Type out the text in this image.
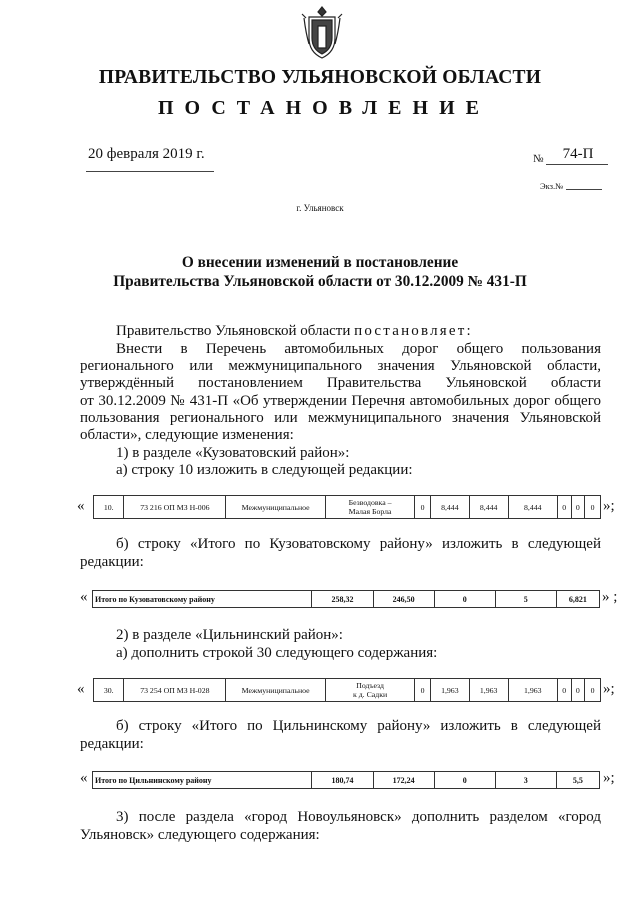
ПРАВИТЕЛЬСТВО УЛЬЯНОВСКОЙ ОБЛАСТИ
ПОСТАНОВЛЕНИЕ
20 февраля 2019 г.	№	74-П
Экз.№
г. Ульяновск
О внесении изменений в постановление
Правительства Ульяновской области от 30.12.2009 № 431-П
Правительство Ульяновской области постановляет:
Внести в Перечень автомобильных дорог общего пользования
регионального или межмуниципального значения Ульяновской области,
утверждённый постановлением Правительства Ульяновской области
от 30.12.2009 № 431-П «Об утверждении Перечня автомобильных дорог общего
пользования регионального или межмуниципального значения Ульяновской
области», следующие изменения:
1) в разделе «Кузоватовский район»:
а) строку 10 изложить в следующей редакции:
« 10.	73 216 ОП МЗ Н-006	Межмуниципальное	Безводовка –
Малая Борла	0	8,444	8,444	8,444	0	0	0 »;
б) строку «Итого по Кузоватовскому району» изложить в следующей
редакции:
« Итого по Кузоватовскому району	258,32	246,50	0	5	6,821 » ;
2) в разделе «Цильнинский район»:
а) дополнить строкой 30 следующего содержания:
« 30.	73 254 ОП МЗ Н-028	Межмуниципальное	Подъезд
к д. Садки	0	1,963	1,963	1,963	0	0	0 »;
б) строку «Итого по Цильнинскому району» изложить в следующей
редакции:
« Итого по Цильнинскому району	180,74	172,24	0	3	5,5 »;
3) после раздела «город Новоульяновск» дополнить разделом «город
Ульяновск» следующего содержания:
